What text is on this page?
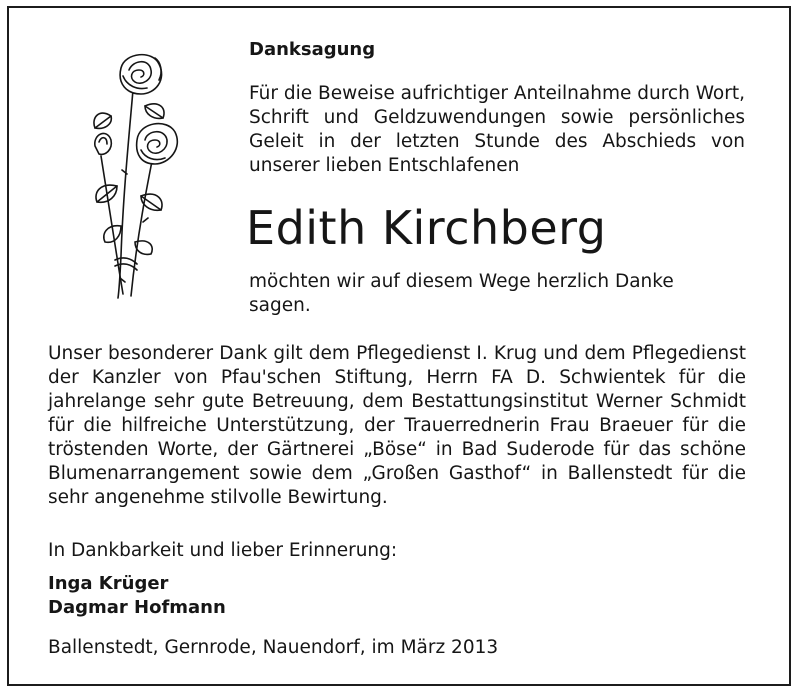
Danksagung

Für die Beweise aufrichtiger Anteilnahme durch Wort, Schrift und Geldzuwendungen sowie persönliches Geleit in der letzten Stunde des Abschieds von unserer lieben Entschlafenen

Edith Kirchberg

möchten wir auf diesem Wege herzlich Danke sagen.

Unser besonderer Dank gilt dem Pflegedienst I. Krug und dem Pflegedienst der Kanzler von Pfau'schen Stiftung, Herrn FA D. Schwientek für die jahrelange sehr gute Betreuung, dem Bestattungsinstitut Werner Schmidt für die hilfreiche Unterstützung, der Trauerrednerin Frau Braeuer für die tröstenden Worte, der Gärtnerei „Böse“ in Bad Suderode für das schöne Blumenarrangement sowie dem „Großen Gasthof“ in Ballenstedt für die sehr angenehme stilvolle Bewirtung.

In Dankbarkeit und lieber Erinnerung:

Inga Krüger
Dagmar Hofmann

Ballenstedt, Gernrode, Nauendorf, im März 2013
